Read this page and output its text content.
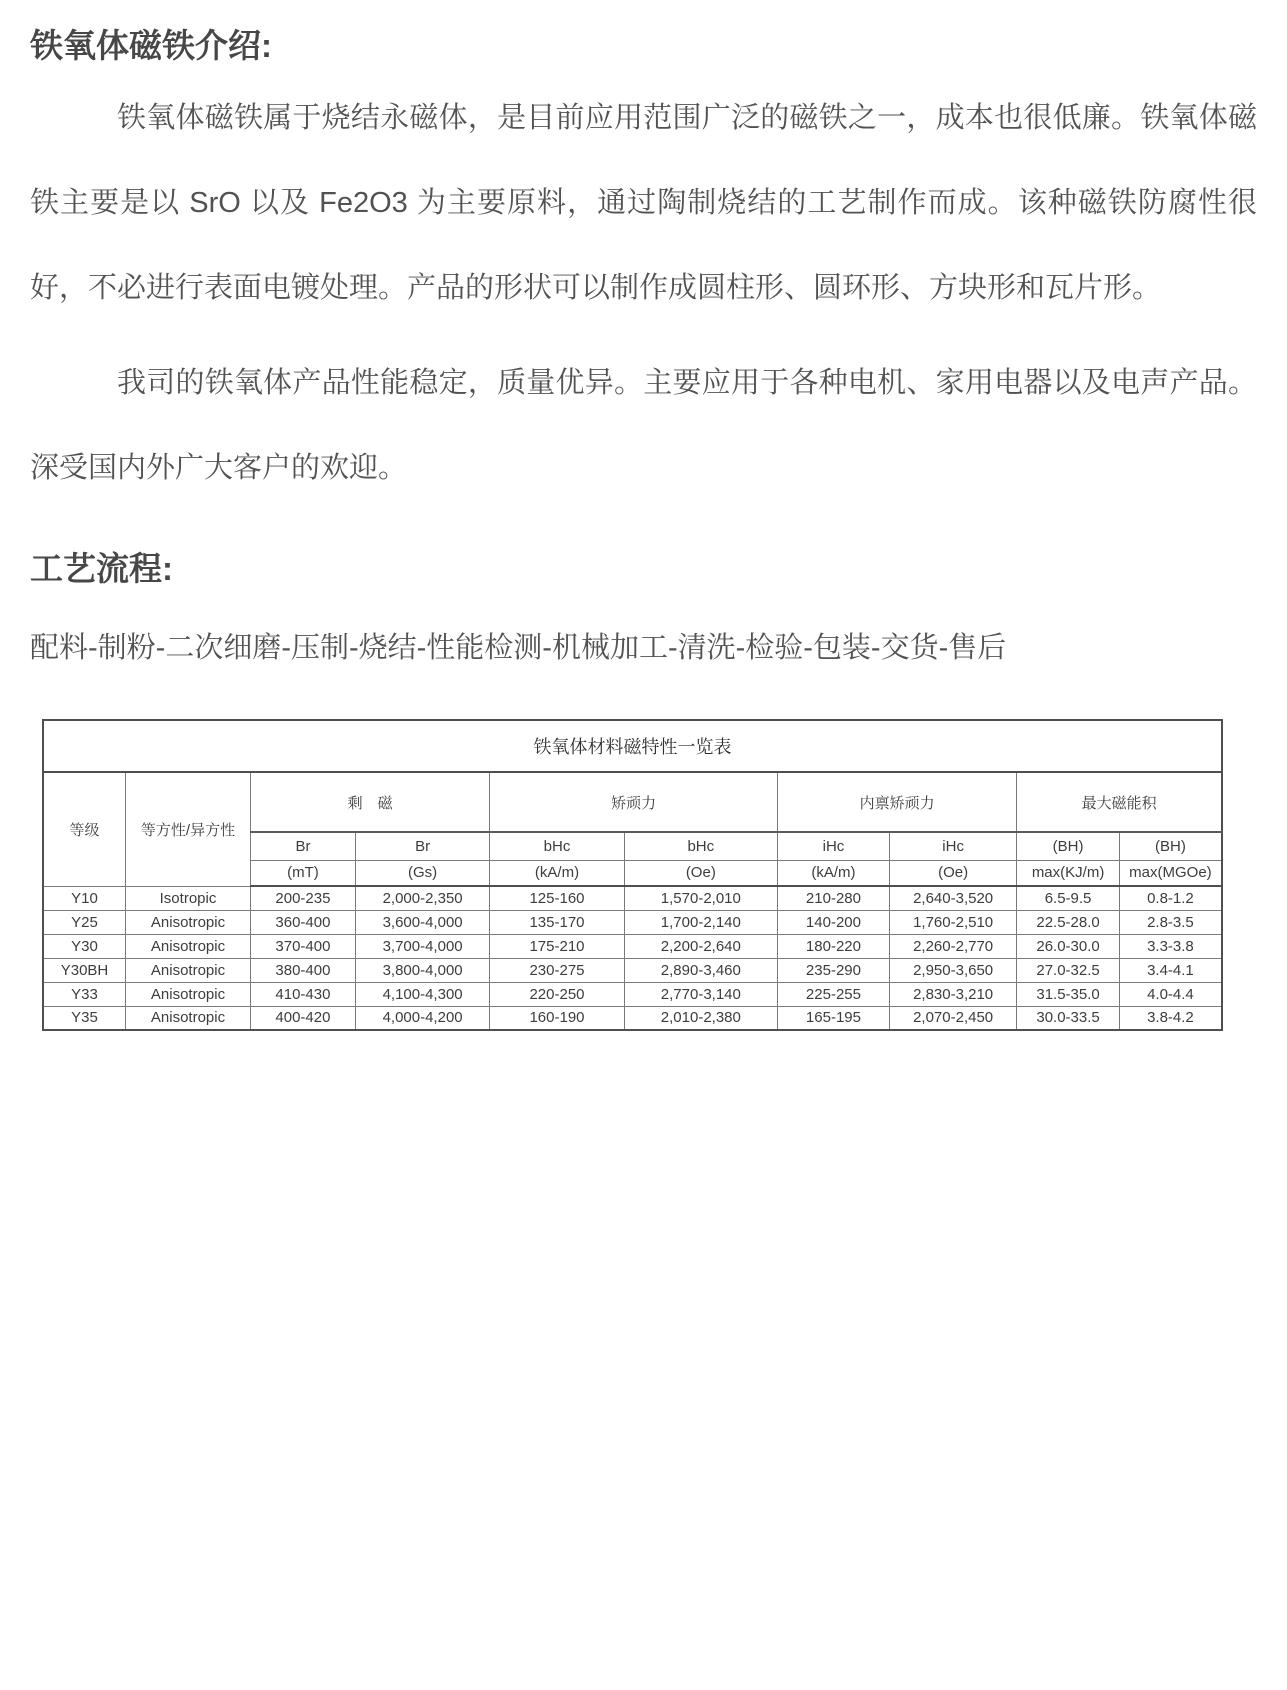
铁氧体磁铁介绍:
铁氧体磁铁属于烧结永磁体，是目前应用范围广泛的磁铁之一，成本也很低廉。铁氧体磁铁主要是以 SrO 以及 Fe2O3 为主要原料，通过陶制烧结的工艺制作而成。该种磁铁防腐性很好，不必进行表面电镀处理。产品的形状可以制作成圆柱形、圆环形、方块形和瓦片形。
我司的铁氧体产品性能稳定，质量优异。主要应用于各种电机、家用电器以及电声产品。深受国内外广大客户的欢迎。
工艺流程:
配料-制粉-二次细磨-压制-烧结-性能检测-机械加工-清洗-检验-包装-交货-售后
铁氧体材料磁特性一览表									
等级	等方性/异方性	剩　磁		矫顽力		内禀矫顽力		最大磁能积	
		Br	Br	bHc	bHc	iHc	iHc	(BH)	(BH)
		(mT)	(Gs)	(kA/m)	(Oe)	(kA/m)	(Oe)	max(KJ/m)	max(MGOe)
Y10	Isotropic	200-235	2,000-2,350	125-160	1,570-2,010	210-280	2,640-3,520	6.5-9.5	0.8-1.2
Y25	Anisotropic	360-400	3,600-4,000	135-170	1,700-2,140	140-200	1,760-2,510	22.5-28.0	2.8-3.5
Y30	Anisotropic	370-400	3,700-4,000	175-210	2,200-2,640	180-220	2,260-2,770	26.0-30.0	3.3-3.8
Y30BH	Anisotropic	380-400	3,800-4,000	230-275	2,890-3,460	235-290	2,950-3,650	27.0-32.5	3.4-4.1
Y33	Anisotropic	410-430	4,100-4,300	220-250	2,770-3,140	225-255	2,830-3,210	31.5-35.0	4.0-4.4
Y35	Anisotropic	400-420	4,000-4,200	160-190	2,010-2,380	165-195	2,070-2,450	30.0-33.5	3.8-4.2
